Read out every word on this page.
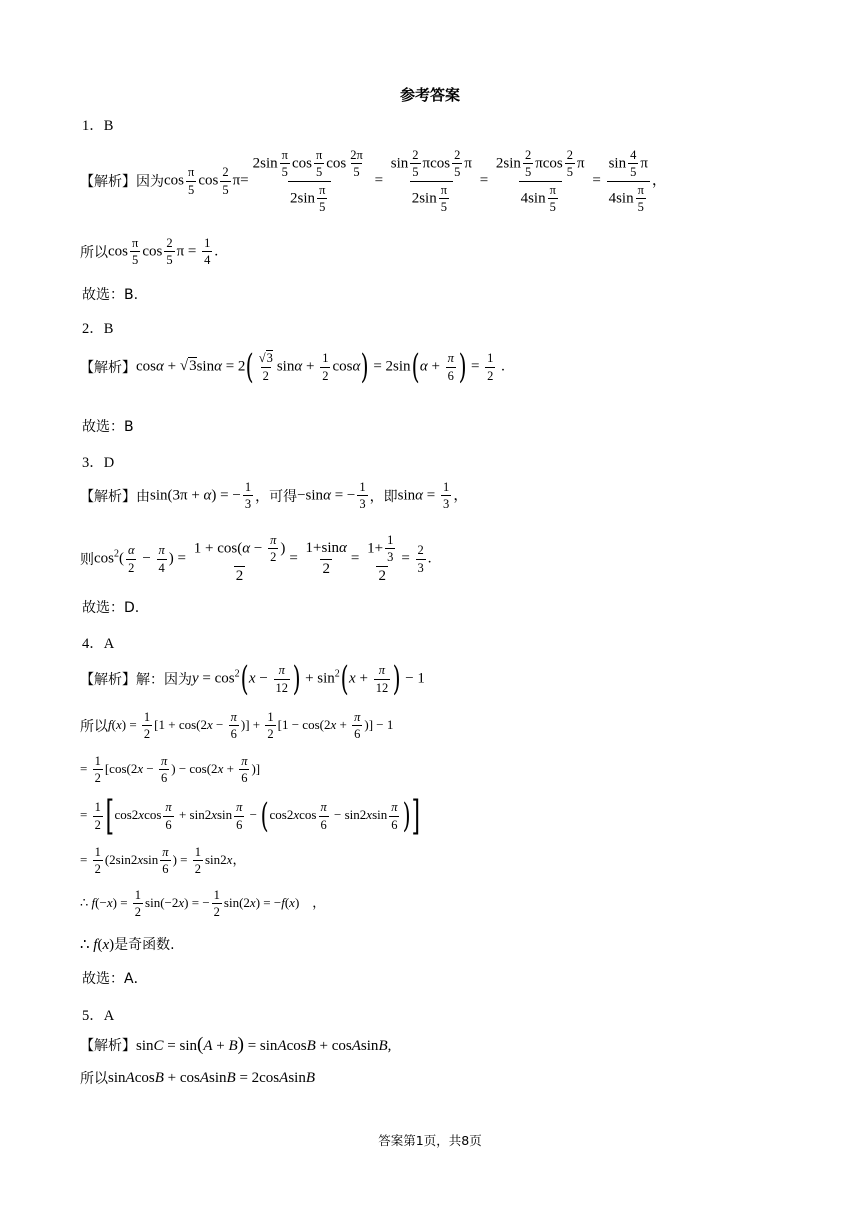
参考答案
1．B
【解析】 因为 $\cos \frac{\pi}{5}$ $\cos \frac{2}{5} \pi= \frac{2\sin \frac{\pi}{5} \cos \frac{\pi}{5} \cos \frac{2\pi}{5}}{2\sin \frac{\pi}{5}} = \frac{\sin \frac{2}{5} \pi\cos \frac{2}{5} \pi}{2\sin \frac{\pi}{5}} = \frac{2\sin \frac{2}{5} \pi\cos \frac{2}{5} \pi}{4\sin \frac{\pi}{5}} = \frac{\sin \frac{4}{5} \pi}{4\sin \frac{\pi}{5}}$ ，
所以 $\cos \frac{\pi}{5}$ $\cos \frac{2}{5}$ $\pi = \frac{1}{4}$ .
故选：B.
2．B
【解析】 $\cos\alpha + √3\sin\alpha = 2( \frac{√3}{2}$ $\sin\alpha + \frac{1}{2} \cos\alpha) = 2\sin(\alpha + \frac{\pi}{6}$ ) = $\frac{1}{2}$ .
故选：B
3．D
【解析】 由 sin(3π + α) = − $\frac{1}{3}$ ，可得 −sinα = − $\frac{1}{3}$ ，即 $\sin\alpha = \frac{1}{3}$ ，
则 $\cos^2( \frac{\alpha}{2} - \frac{\pi}{4}$ ) = $\frac{1 + \cos(\alpha - \frac{\pi}{2} )}{2} = \frac{1+\sin\alpha}{2} = \frac{1+ \frac{1}{3}}{2} = \frac{2}{3}$ .
故选：D.
4．A
【解析】 解：因为 $y = \cos^2(x - \frac{\pi}{12}$ ) + $\sin^2(x + \frac{\pi}{12}$ ) − 1
所以 $f(x) = \frac{1}{2} [1 + \cos(2x - \frac{\pi}{6}$ )] + $\frac{1}{2} [1 - \cos(2x + \frac{\pi}{6}$ )] − 1
= $\frac{1}{2} [\cos(2x - \frac{\pi}{6}$ ) − $\cos(2x + \frac{\pi}{6}$ )]
= $\frac{1}{2} [\cos 2xcos \frac{\pi}{6} + \sin 2xsin \frac{\pi}{6} - (\cos 2xcos \frac{\pi}{6} - \sin 2xsin \frac{\pi}{6}$ )]
= $\frac{1}{2} (2\sin 2xsin \frac{\pi}{6}$ ) = $\frac{1}{2} \sin 2x$，
∴ $f(-x) = \frac{1}{2} \sin(-2x)$ = − $\frac{1}{2} \sin(2x) = -f(x)$　，
∴ f(x) 是奇函数.
故选：A．
5．A
【解析】 sinC = sin(A + B) = sinAcosB + cosAsinB,
所以 sinAcosB + cosAsinB = 2cosAsinB
答案第1页，共8页
